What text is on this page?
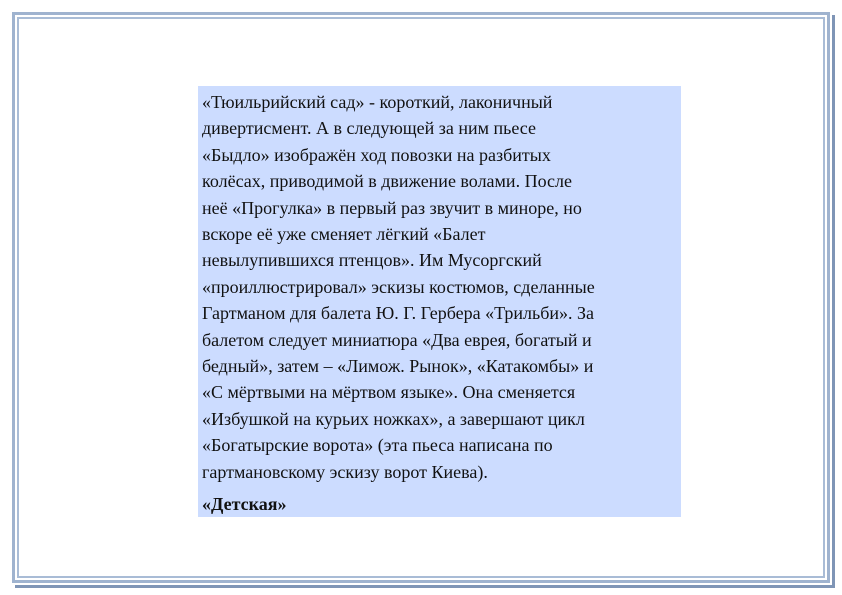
«Тюильрийский сад» - короткий, лаконичный
дивертисмент. А в следующей за ним пьесе
«Быдло» изображён ход повозки на разбитых
колёсах, приводимой в движение волами. После
неё «Прогулка» в первый раз звучит в миноре, но
вскоре её уже сменяет лёгкий «Балет
невылупившихся птенцов». Им Мусоргский
«проиллюстрировал» эскизы костюмов, сделанные
Гартманом для балета Ю. Г. Гербера «Трильби». За
балетом следует миниатюра «Два еврея, богатый и
бедный», затем – «Лимож. Рынок», «Катакомбы» и
«С мёртвыми на мёртвом языке». Она сменяется
«Избушкой на курьих ножках», а завершают цикл
«Богатырские ворота» (эта пьеса написана по
гартмановскому эскизу ворот Киева).

«Детская»
